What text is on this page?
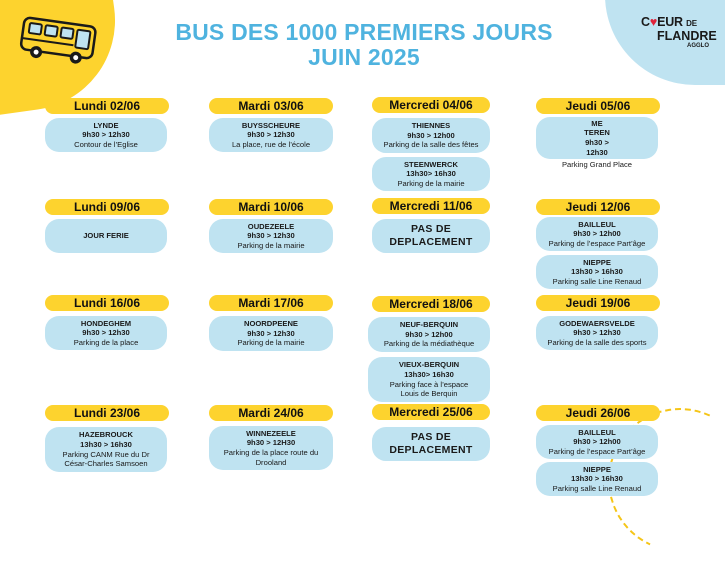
C♥EUR DE
FLANDRE
AGGLO
BUS DES 1000 PREMIERS JOURS
JUIN 2025
Lundi 02/06
LYNDE
9h30 > 12h30
Contour de l’Eglise
Mardi 03/06
BUYSSCHEURE
9h30 > 12h30
La place, rue de l’école
Mercredi 04/06
THIENNES
9h30 > 12h00
Parking de la salle des fêtes
STEENWERCK
13h30> 16h30
Parking de la mairie
Jeudi 05/06
ME
TEREN
9h30 >
12h30
Parking Grand Place
Lundi 09/06
JOUR FERIE
Mardi 10/06
OUDEZEELE
9h30 > 12h30
Parking de la mairie
Mercredi 11/06
PAS DE
DEPLACEMENT
Jeudi 12/06
BAILLEUL
9h30 > 12h00
Parking de l’espace Part’âge
NIEPPE
13h30 > 16h30
Parking salle Line Renaud
Lundi 16/06
HONDEGHEM
9h30 > 12h30
Parking de la place
Mardi 17/06
NOORDPEENE
9h30 > 12h30
Parking de la mairie
Mercredi 18/06
NEUF-BERQUIN
9h30 > 12h00
Parking de la médiathèque
VIEUX-BERQUIN
13h30> 16h30
Parking face à l’espace
Louis de Berquin
Jeudi 19/06
GODEWAERSVELDE
9h30 > 12h30
Parking de la salle des sports
Lundi 23/06
HAZEBROUCK
13h30 > 16h30
Parking CANM Rue du Dr
César-Charles Samsoen
Mardi 24/06
WINNEZEELE
9h30 > 12H30
Parking de la place route du
Drooland
Mercredi 25/06
PAS DE
DEPLACEMENT
Jeudi 26/06
BAILLEUL
9h30 > 12h00
Parking de l’espace Part’âge
NIEPPE
13h30 > 16h30
Parking salle Line Renaud
